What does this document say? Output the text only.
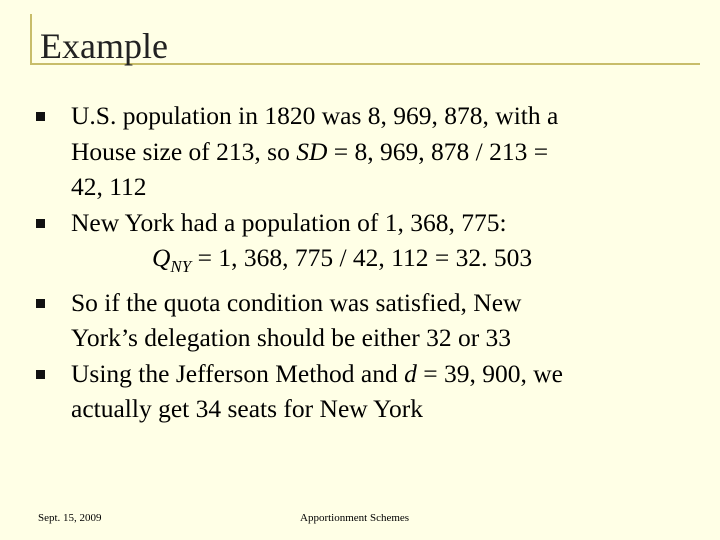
Example
U.S. population in 1820 was 8, 969, 878, with a
House size of 213, so SD = 8, 969, 878 / 213 =
42, 112
New York had a population of 1, 368, 775:
$Q_{NY} = 1$, 368, 775 / 42, 112 = 32. 503
So if the quota condition was satisfied, New
York’s delegation should be either 32 or 33
Using the Jefferson Method and d = 39, 900, we
actually get 34 seats for New York
Sept. 15, 2009	Apportionment Schemes
